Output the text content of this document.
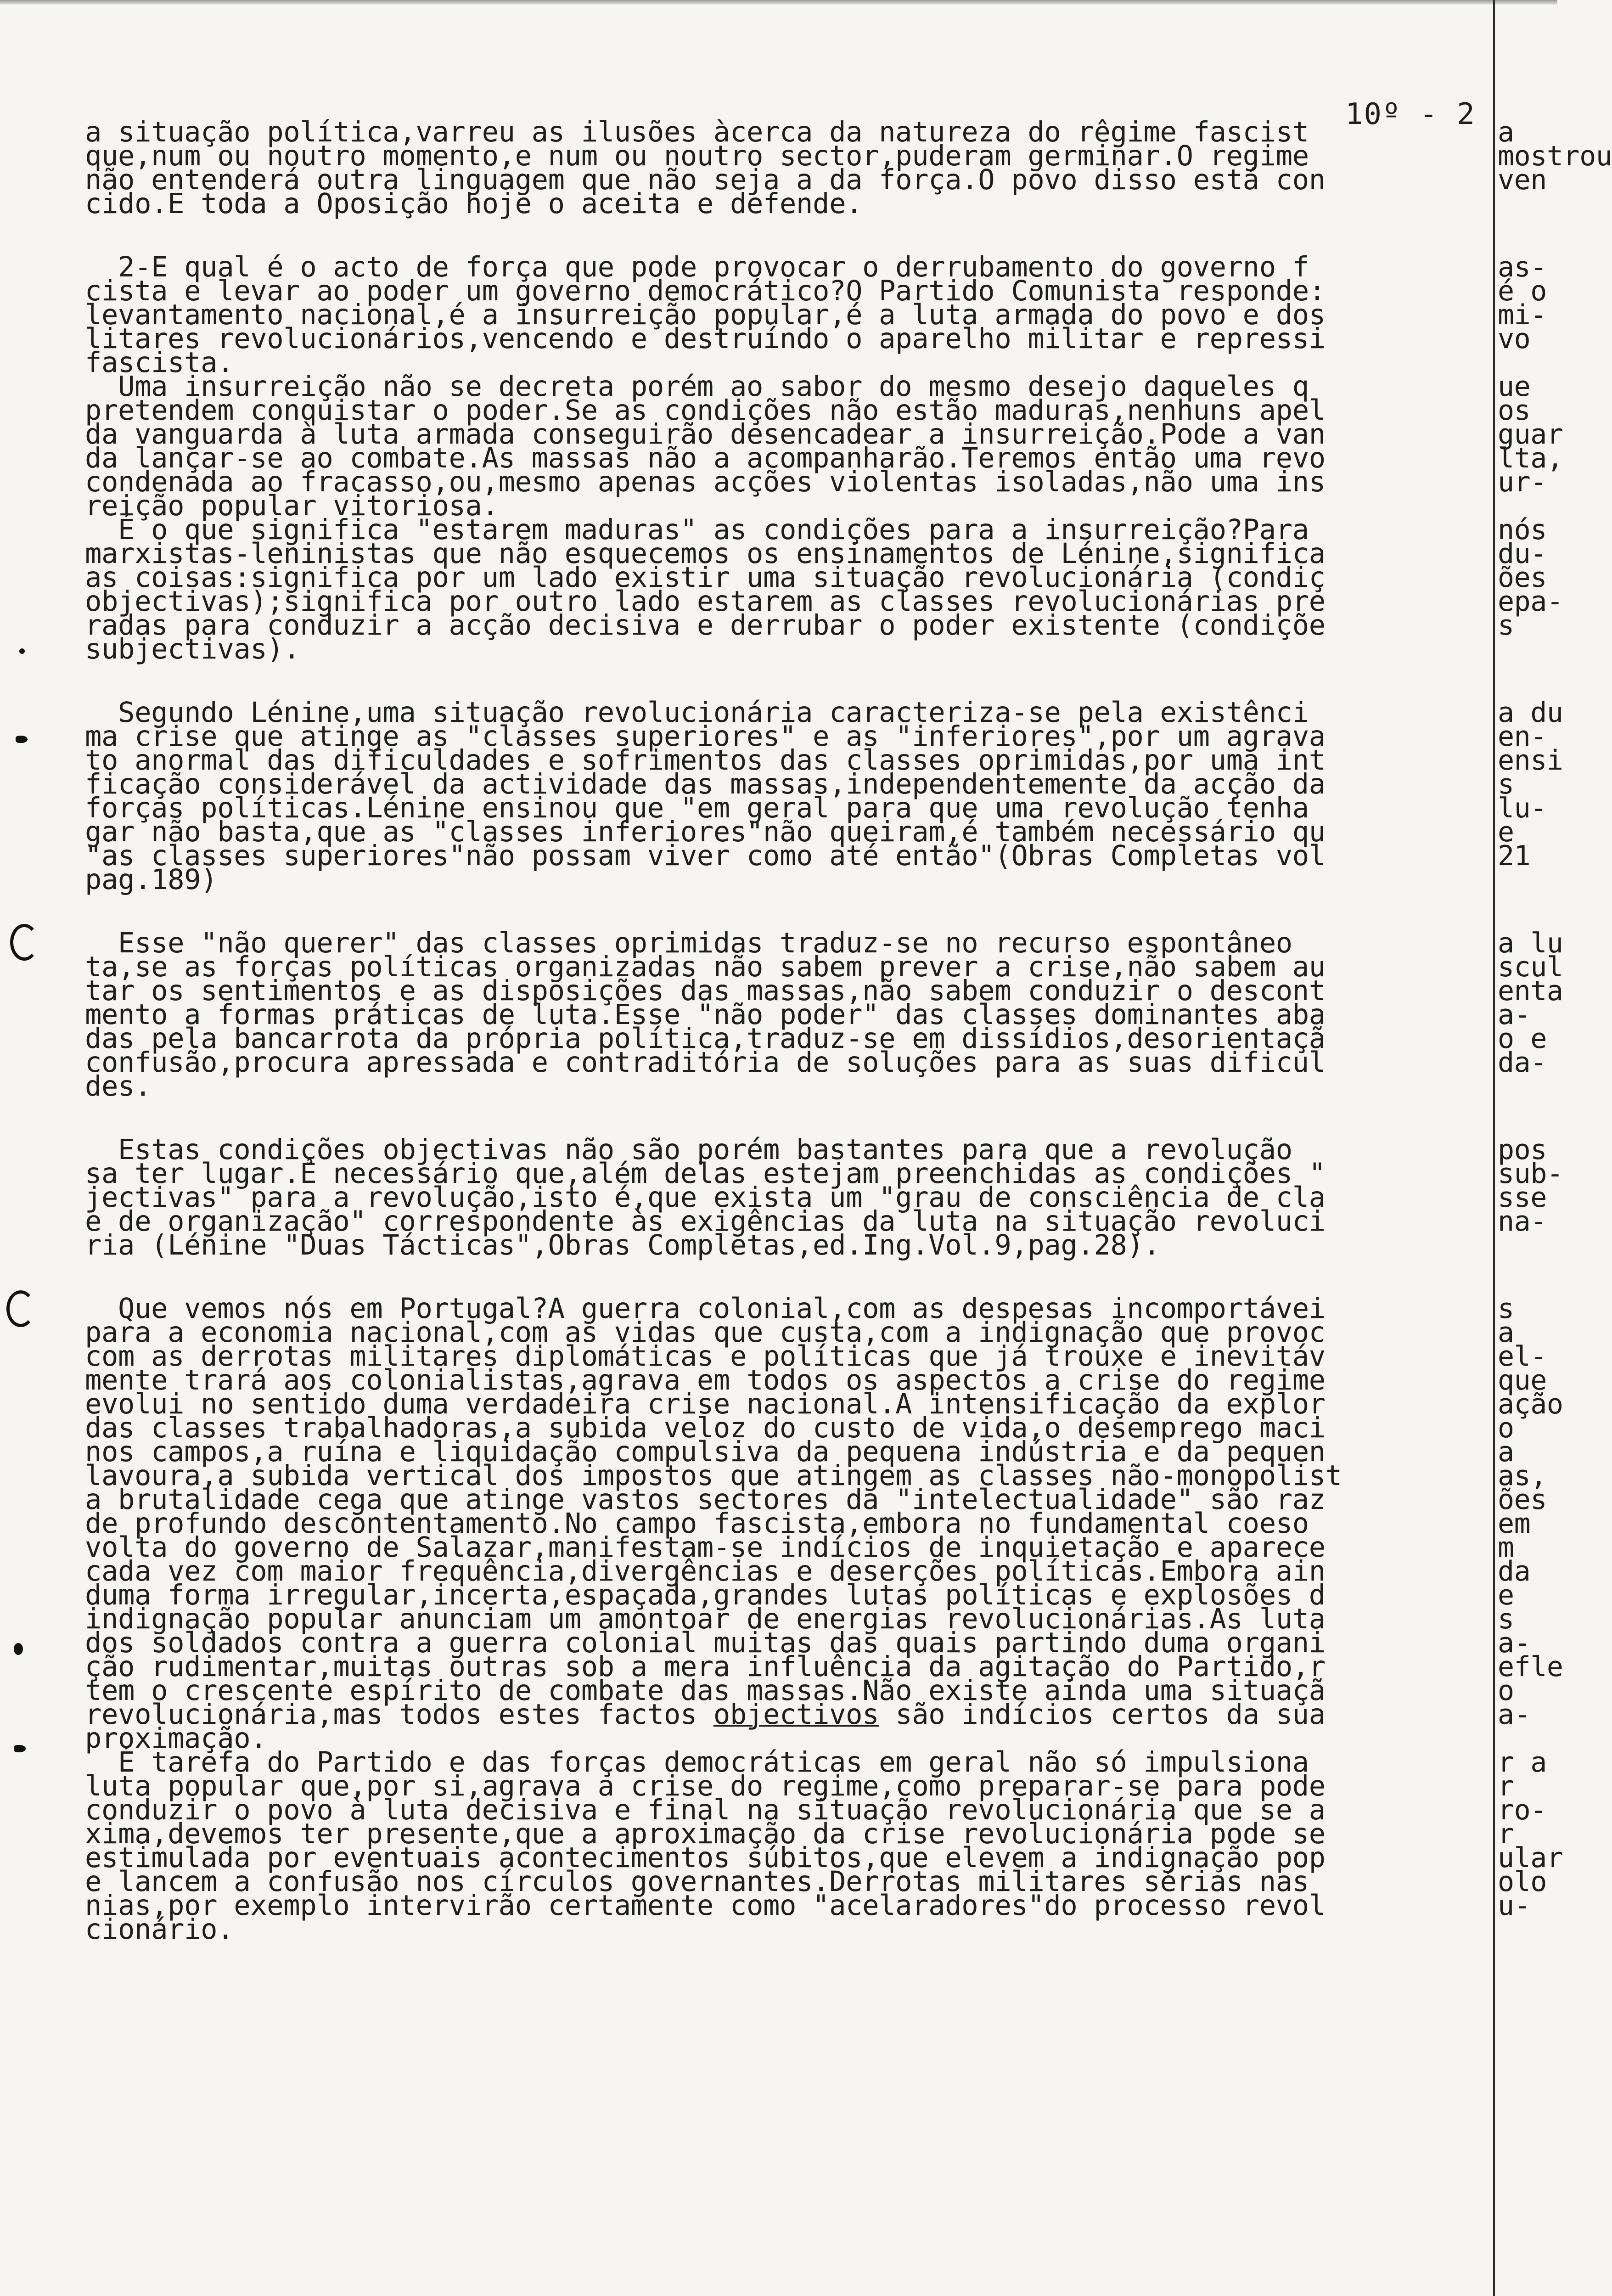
10º - 2
a situação política,varreu as ilusões àcerca da natureza do rêgime fascist
que,num ou noutro momento,e num ou noutro sector,puderam germinar.O regime
não entenderá outra linguagem que não seja a da força.O povo disso está con
cido.E toda a Oposição hoje o aceita e defende.
2-E qual é o acto de força que pode provocar o derrubamento do governo f
cista e levar ao poder um governo democrático?O Partido Comunista responde:
levantamento nacional,é a insurreição popular,é a luta armada do povo e dos
litares revolucionários,vencendo e destruíndo o aparelho militar e repressi
fascista.
Uma insurreição não se decreta porém ao sabor do mesmo desejo daqueles q
pretendem conquistar o poder.Se as condições não estão maduras,nenhuns apel
da vanguarda à luta armada conseguirão desencadear a insurreição.Pode a van
da lançar-se ao combate.As massas não a acompanharão.Teremos então uma revo
condenada ao fracasso,ou,mesmo apenas acções violentas isoladas,não uma ins
reição popular vitoriosa.
É o que significa "estarem maduras" as condições para a insurreição?Para
marxistas-leninistas que não esquecemos os ensinamentos de Lénine,significa
as coisas:significa por um lado existir uma situação revolucionária (condiç
objectivas);significa por outro lado estarem as classes revolucionárias pre
radas para conduzir a acção decisiva e derrubar o poder existente (condiçõe
subjectivas).
Segundo Lénine,uma situação revolucionária caracteriza-se pela existênci
ma crise que atinge as "classes superiores" e as "inferiores",por um agrava
to anormal das dificuldades e sofrimentos das classes oprimidas,por uma int
ficação considerável da actividade das massas,independentemente da acção da
forças políticas.Lénine ensinou que "em geral para que uma revolução tenha
gar não basta,que as "classes inferiores"não queiram,é também necessário qu
"as classes superiores"não possam viver como até então"(Obras Completas vol
pag.189)
Esse "não querer" das classes oprimidas traduz-se no recurso espontâneo
ta,se as forças políticas organizadas não sabem prever a crise,não sabem au
tar os sentimentos e as disposições das massas,não sabem conduzir o descont
mento a formas práticas de luta.Esse "não poder" das classes dominantes aba
das pela bancarrota da própria política,traduz-se em dissídios,desorientaçã
confusão,procura apressada e contraditória de soluções para as suas dificul
des.
Estas condições objectivas não são porém bastantes para que a revolução
sa ter lugar.É necessário que,além delas estejam preenchidas as condições "
jectivas" para a revolução,isto é,que exista um "grau de consciência de cla
e de organização" correspondente às exigências da luta na situação revoluci
ria (Lénine "Duas Tácticas",Obras Completas,ed.Ing.Vol.9,pag.28).
Que vemos nós em Portugal?A guerra colonial,com as despesas incomportávei
para a economia nacional,com as vidas que custa,com a indignação que provoc
com as derrotas militares diplomáticas e políticas que já trouxe e inevitáv
mente trará aos colonialistas,agrava em todos os aspectos a crise do regime
evolui no sentido duma verdadeira crise nacional.A intensificação da explor
das classes trabalhadoras,a subida veloz do custo de vida,o desemprego maci
nos campos,a ruína e liquidação compulsiva da pequena indústria e da pequen
lavoura,a subida vertical dos impostos que atingem as classes não-monopolist
a brutalidade cega que atinge vastos sectores da "intelectualidade" são raz
de profundo descontentamento.No campo fascista,embora no fundamental coeso
volta do governo de Salazar,manifestam-se indícios de inquietação e aparece
cada vez com maior frequência,divergências e deserções políticas.Embora ain
duma forma irregular,incerta,espaçada,grandes lutas políticas e explosões d
indignação popular anunciam um amontoar de energias revolucionárias.As luta
dos soldados contra a guerra colonial muitas das quais partindo duma organi
ção rudimentar,muitas outras sob a mera influência da agitação do Partido,r
tem o crescente espírito de combate das massas.Não existe ainda uma situaçã
revolucionária,mas todos estes factos objectivos são indícios certos da sua
proximação.
É tarefa do Partido e das forças democráticas em geral não só impulsiona
luta popular que,por si,agrava a crise do regime,como preparar-se para pode
conduzir o povo à luta decisiva e final na situação revolucionária que se a
xima,devemos ter presente,que a aproximação da crise revolucionária pode se
estimulada por eventuais acontecimentos súbitos,que elevem a indignação pop
e lancem a confusão nos círculos governantes.Derrotas militares sérias nas
nias,por exemplo intervirão certamente como "acelaradores"do processo revol
cionário.
a
mostrou
ven

as-
é o
mi-
vo

ue
os
guar
lta,
ur-

nós
du-
ões
epa-
s

a du
en-
ensi
s
lu-
e
21

a lu
scul
enta
a-
o e
da-

pos
sub-
sse
na-

s
a
el-
que
ação
o
a
as,
ões
em
m
da
e
s
a-
efle
o
a-

r a
r
ro-
r
ular
olo
u-
